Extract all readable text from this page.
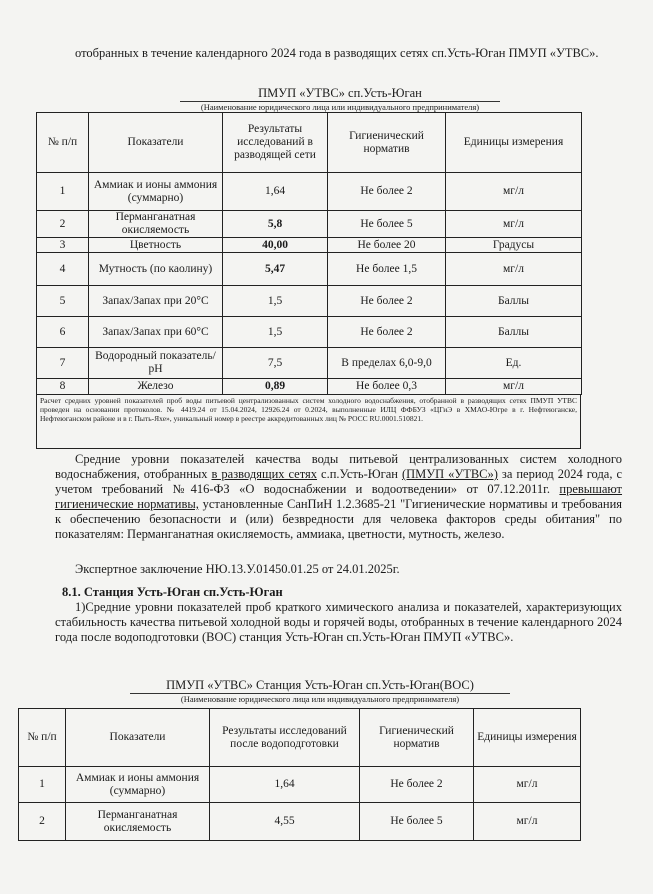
отобранных в течение календарного 2024 года в разводящих сетях сп.Усть-Юган ПМУП «УТВС».
ПМУП «УТВС» сп.Усть-Юган
(Наименование юридического лица или индивидуального предпринимателя)
№ п/п	Показатели	Результаты исследований в разводящей сети	Гигиенический норматив	Единицы измерения
1	Аммиак и ионы аммония (суммарно)	1,64	Не более 2	мг/л
2	Перманганатная окисляемость	5,8	Не более 5	мг/л
3	Цветность	40,00	Не более 20	Градусы
4	Мутность (по каолину)	5,47	Не более 1,5	мг/л
5	Запах/Запах при 20°С	1,5	Не более 2	Баллы
6	Запах/Запах при 60°С	1,5	Не более 2	Баллы
7	Водородный показатель/рН	7,5	В пределах 6,0-9,0	Ед.
8	Железо	0,89	Не более 0,3	мг/л
Расчет средних уровней показателей проб воды питьевой централизованных систем холодного водоснабжения, отобранной в разводящих сетях ПМУП УТВС проведен на основании протоколов. № 4419.24 от 15.04.2024, 12926.24 от 0.2024, выполненные ИЛЦ ФФБУЗ «ЦГиЭ в ХМАО-Югре в г. Нефтеюганске, Нефтеюганском районе и в г. Пыть-Яхе», уникальный номер в реестре аккредитованных лиц № РОСС RU.0001.510821.
Средние уровни показателей качества воды питьевой централизованных систем холодного водоснабжения, отобранных в разводящих сетях с.п.Усть-Юган (ПМУП «УТВС») за период 2024 года, с учетом требований №416-ФЗ «О водоснабжении и водоотведении» от 07.12.2011г. превышают гигиенические нормативы, установленные СанПиН 1.2.3685-21 "Гигиенические нормативы и требования к обеспечению безопасности и (или) безвредности для человека факторов среды обитания" по показателям: Перманганатная окисляемость, аммиака, цветности, мутность, железо.
Экспертное заключение НЮ.13.У.01450.01.25 от 24.01.2025г.
8.1. Станция Усть-Юган сп.Усть-Юган
1)Средние уровни показателей проб краткого химического анализа и показателей, характеризующих стабильность качества питьевой холодной воды и горячей воды, отобранных в течение календарного 2024 года после водоподготовки (ВОС) станция Усть-Юган сп.Усть-Юган ПМУП «УТВС».
ПМУП «УТВС» Станция Усть-Юган сп.Усть-Юган(ВОС)
(Наименование юридического лица или индивидуального предпринимателя)
№ п/п	Показатели	Результаты исследований после водоподготовки	Гигиенический норматив	Единицы измерения
1	Аммиак и ионы аммония (суммарно)	1,64	Не более 2	мг/л
2	Перманганатная окисляемость	4,55	Не более 5	мг/л
